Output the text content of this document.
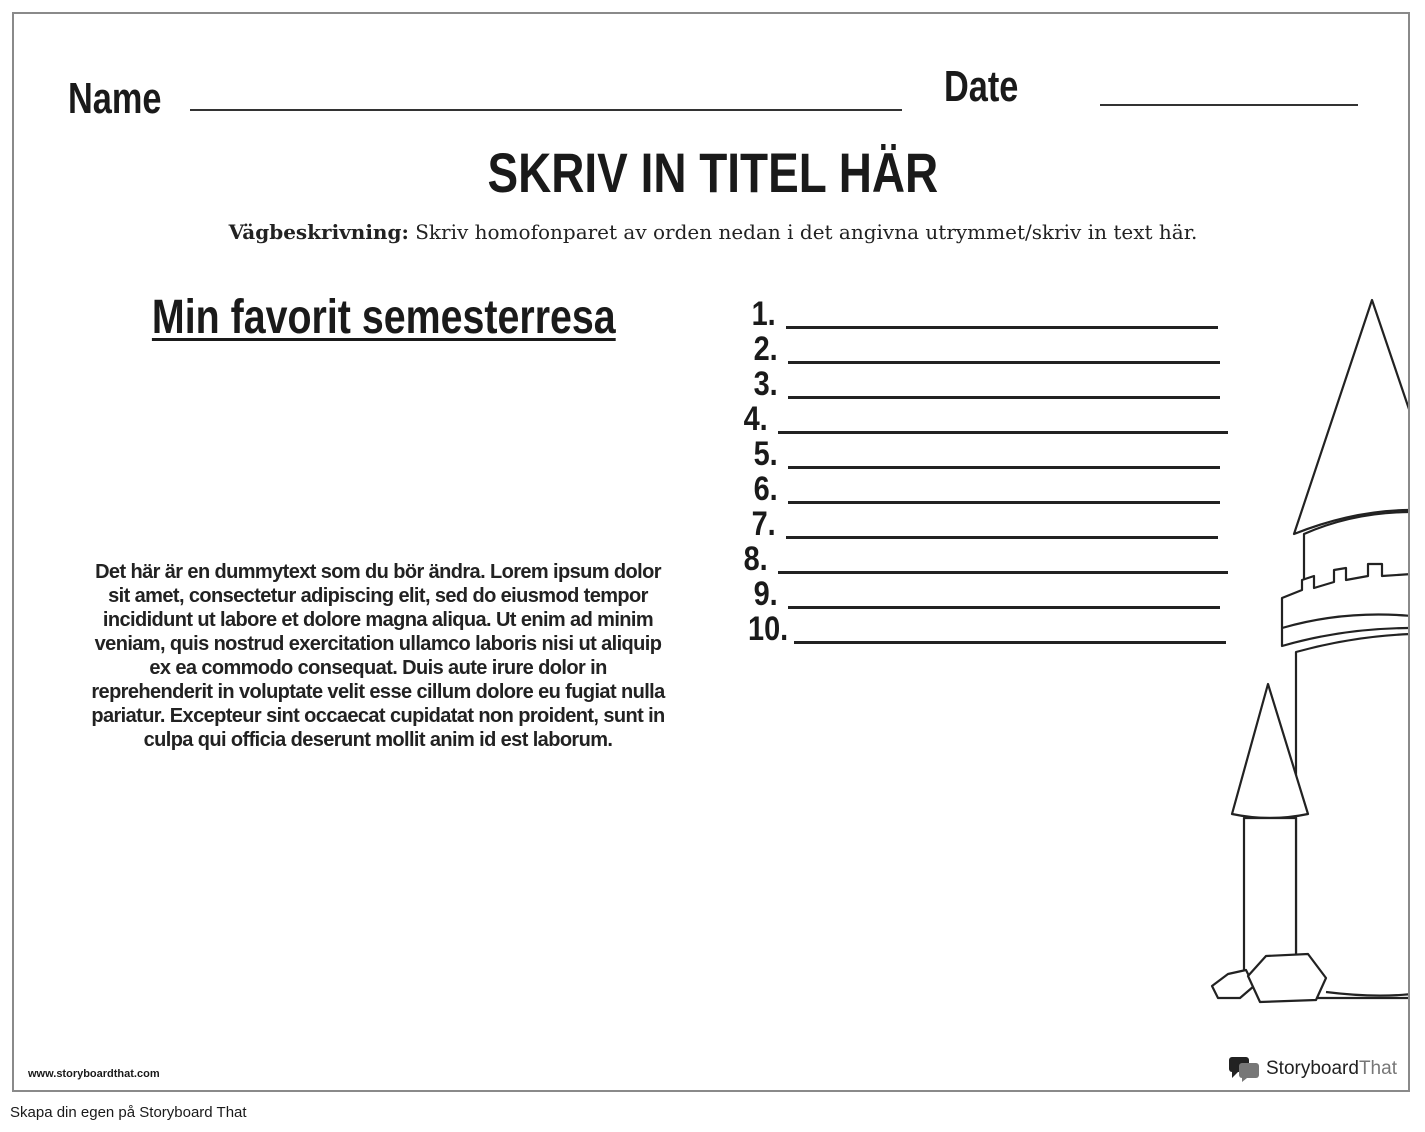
Name	Date
SKRIV IN TITEL HÄR
Vägbeskrivning: Skriv homofonparet av orden nedan i det angivna utrymmet/skriv in text här.
Min favorit semesterresa
Det här är en dummytext som du bör ändra. Lorem ipsum dolor sit amet, consectetur adipiscing elit, sed do eiusmod tempor incididunt ut labore et dolore magna aliqua. Ut enim ad minim veniam, quis nostrud exercitation ullamco laboris nisi ut aliquip ex ea commodo consequat. Duis aute irure dolor in reprehenderit in voluptate velit esse cillum dolore eu fugiat nulla pariatur. Excepteur sint occaecat cupidatat non proident, sunt in culpa qui officia deserunt mollit anim id est laborum.
1.
2.
3.
4.
5.
6.
7.
8.
9.
10.
www.storyboardthat.com	StoryboardThat
Skapa din egen på Storyboard That
